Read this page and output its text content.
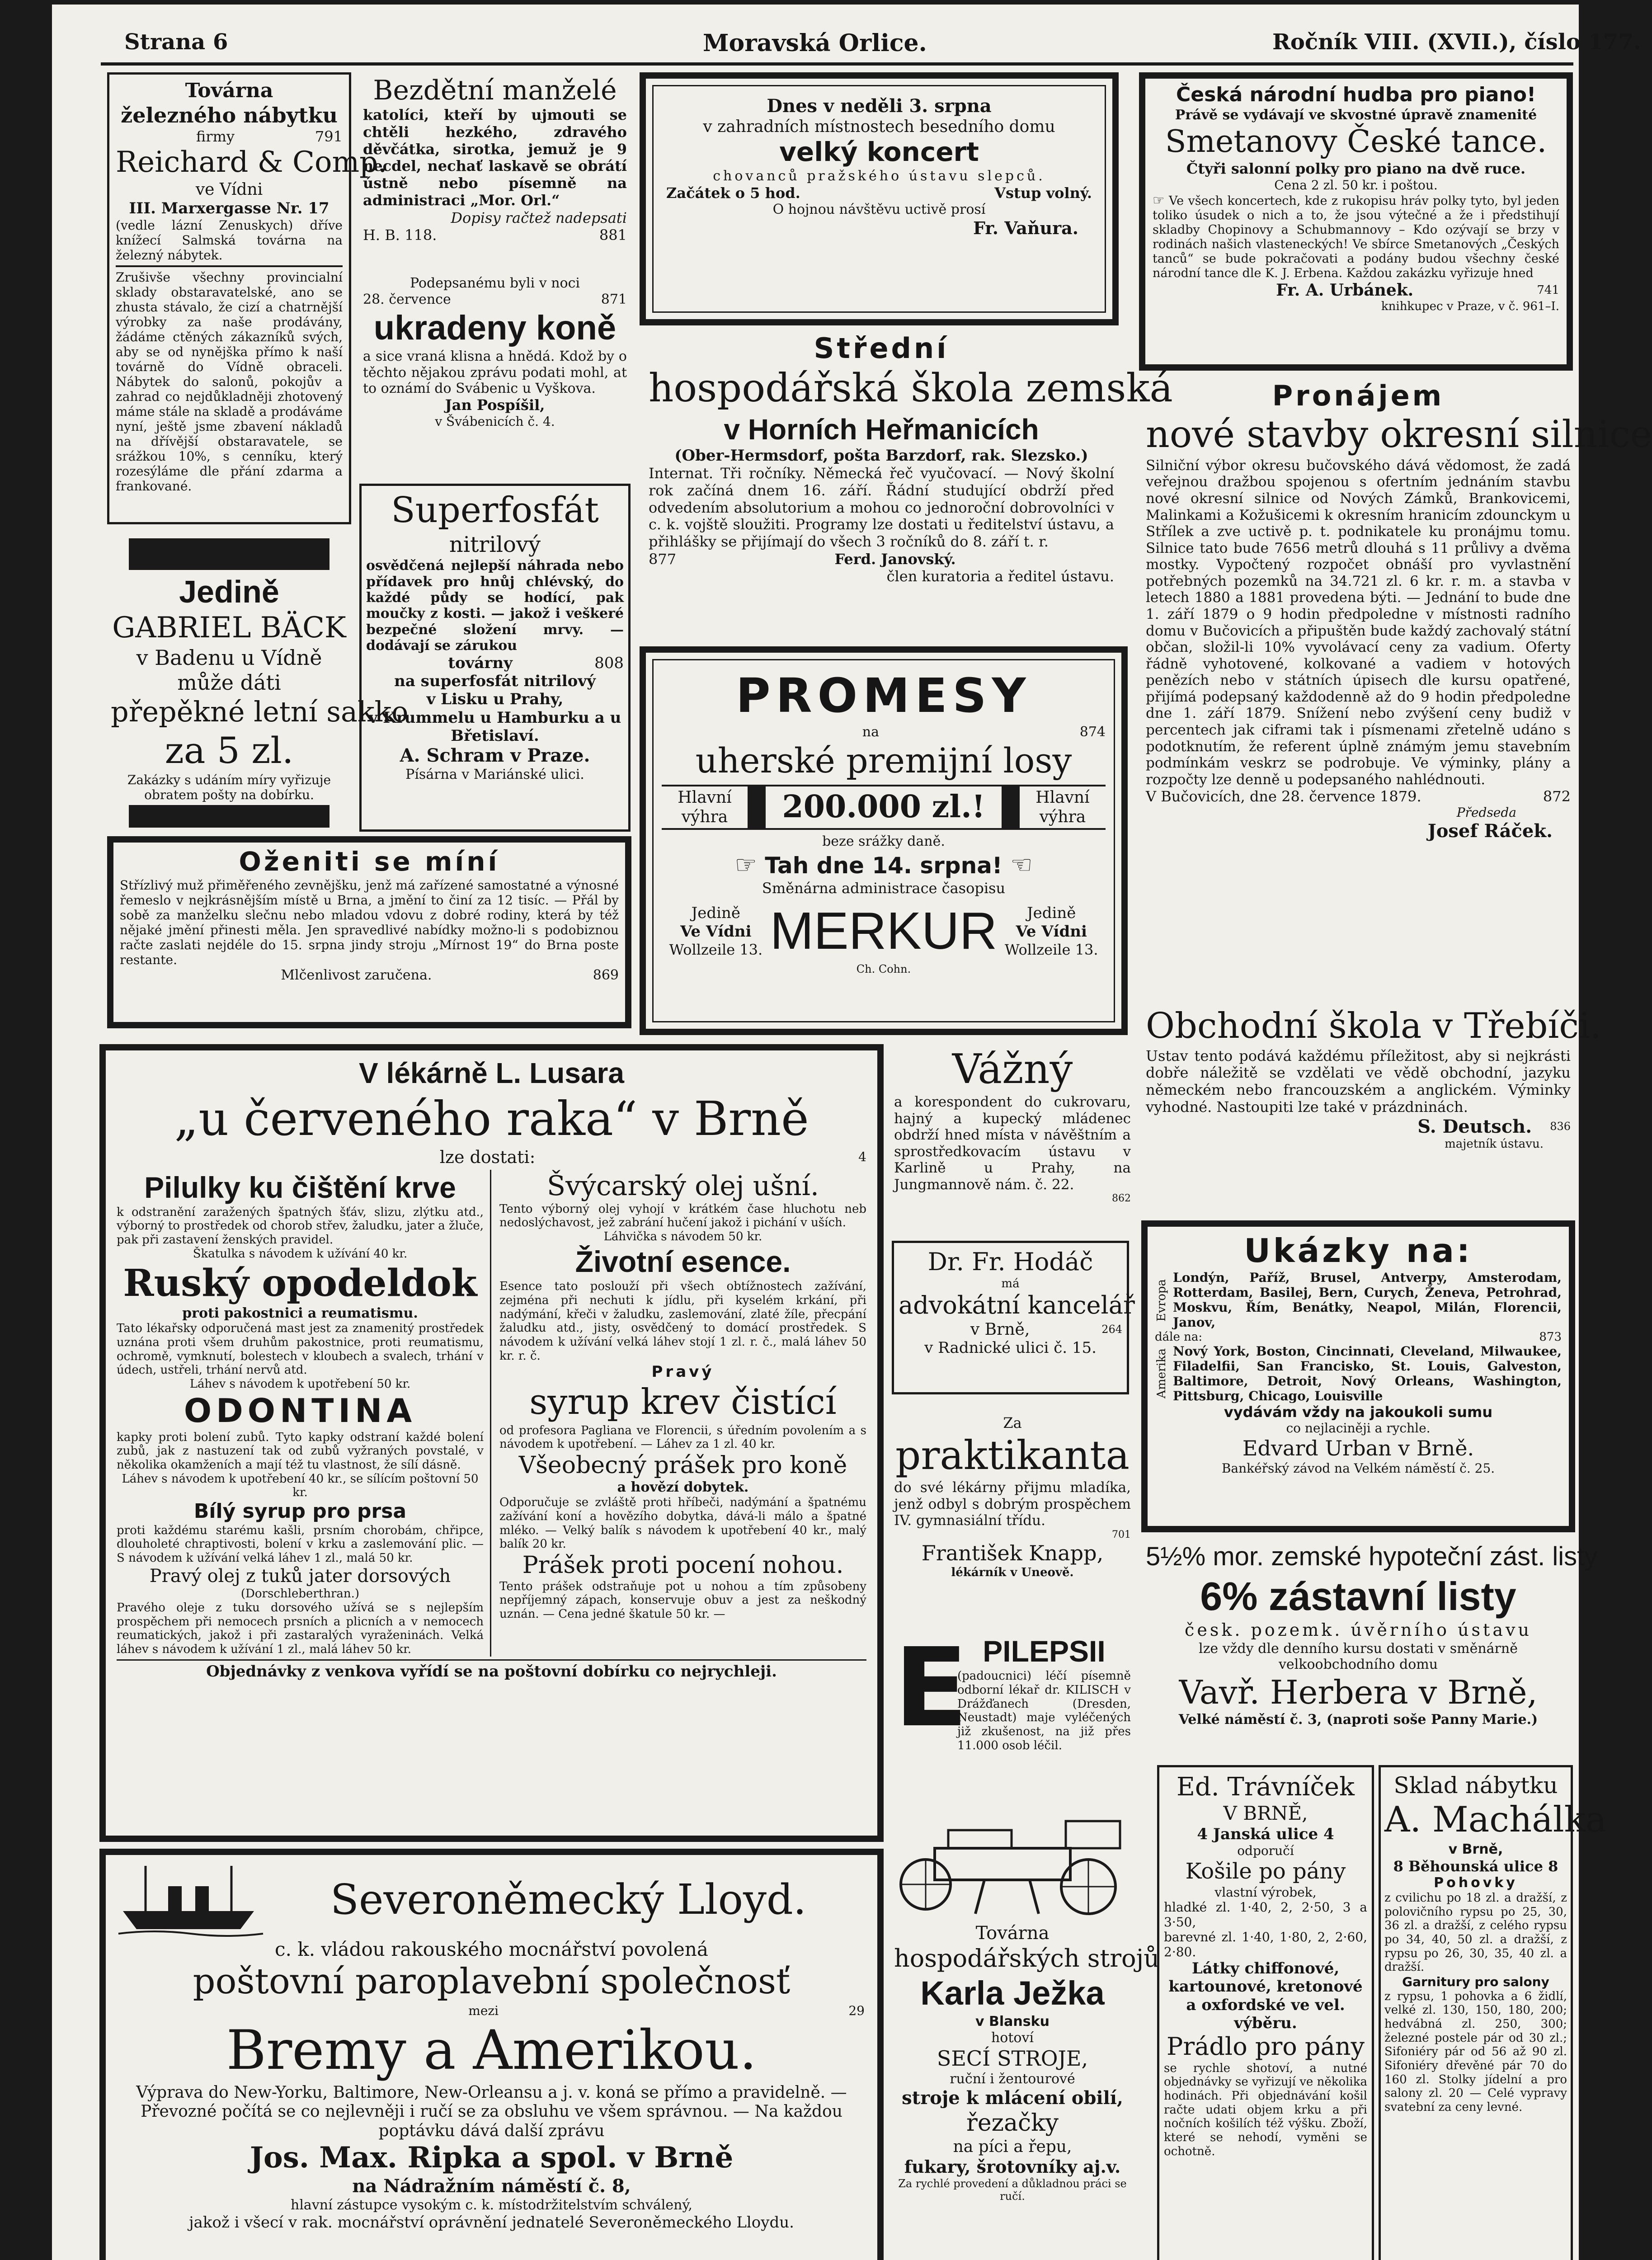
Strana 6	Moravská Orlice.	Ročník VIII. (XVII.), číslo 177.
Továrna
železného nábytku
firmy	791
Reichard & Comp.
ve Vídni
III. Marxergasse Nr. 17
(vedle lázní Zenuskych) dříve knížecí Salmská továrna na železný nábytek.
Zrušivše všechny provincialní sklady obstaravatelské, ano se zhusta stávalo, že cizí a chatrnější výrobky za naše prodávány, žádáme ctěných zákazníků svých, aby se od nynějška přímo k naší továrně do Vídně obraceli. Nábytek do salonů, pokojův a zahrad co nejdůkladněji zhotovený máme stále na skladě a prodáváme nyní, ještě jsme zbavení nákladů na dřívější obstaravatele, se srážkou 10%, s cenníku, který rozesýláme dle přání zdarma a frankované.
Bezdětní manželé
katolíci, kteří by ujmouti se chtěli hezkého, zdravého děvčátka, sirotka, jemuž je 9 necdel, nechať laskavě se obrátí ústně nebo písemně na administraci „Mor. Orl.“
Dopisy račtež nadepsati
H. B. 118.	881
Podepsanému byli v noci
28. července	871
ukradeny koně
a sice vraná klisna a hnědá. Kdož by o těchto nějakou zprávu podati mohl, at to oznámí do Svábenic u Vyškova.
Jan Pospíšil,
v Švábenicích č. 4.
Superfosfát
nitrilový
osvědčená nejlepší náhrada nebo přídavek pro hnůj chlévský, do každé půdy se hodící, pak moučky z kosti. — jakož i veškeré bezpečné složení mrvy. — dodávají se zárukou
továrny	808
na superfosfát nitrilový
v Lisku u Prahy,
v Krummelu u Hamburku a u Břetislaví.
A. Schram v Praze.
Písárna v Mariánské ulici.
Jedině
GABRIEL BÄCK
v Badenu u Vídně
může dáti
přepěkné letní sakko
za 5 zl.
Zakázky s udáním míry vyřizuje obratem pošty na dobírku.
Oženiti se míní
Střízlivý muž přiměřeného zevnějšku, jenž má zařízené samostatné a výnosné řemeslo v nejkrásnějším místě u Brna, a jmění to činí za 12 tisíc. — Přál by sobě za manželku slečnu nebo mladou vdovu z dobré rodiny, která by též nějaké jmění přinesti měla. Jen spravedlivé nabídky možno-li s podobiznou račte zaslati nejdéle do 15. srpna jindy stroju „Mírnost 19“ do Brna poste restante.
Mlčenlivost zaručena.	869
Dnes v neděli 3. srpna
v zahradních místnostech besedního domu
velký koncert
chovanců pražského ústavu slepců.
Začátek o 5 hod.	Vstup volný.
O hojnou návštěvu uctivě prosí
Fr. Vaňura.
Střední
hospodářská škola zemská
v Horních Heřmanicích
(Ober-Hermsdorf, pošta Barzdorf, rak. Slezsko.)
Internat. Tři ročníky. Německá řeč vyučovací. — Nový školní rok začíná dnem 16. září. Řádní studující obdrží před odvedením absolutorium a mohou co jednoroční dobrovolníci v c. k. vojště sloužiti. Programy lze dostati u ředitelství ústavu, a přihlášky se přijímají do všech 3 ročníků do 8. září t. r.
877	Ferd. Janovský.
člen kuratoria a ředitel ústavu.
PROMESY
na	874
uherské premijní losy
Hlavní výhra	200.000 zl.!	Hlavní výhra
beze srážky daně.
☞ Tah dne 14. srpna! ☜
Směnárna administrace časopisu
Jedině
Ve Vídni
Wollzeile 13. MERKUR	Jedině
Ve Vídni
Wollzeile 13.
Ch. Cohn.
Česká národní hudba pro piano!
Právě se vydávají ve skvostné úpravě znamenité
Smetanovy České tance.
Čtyři salonní polky pro piano na dvě ruce.
Cena 2 zl. 50 kr. i poštou.
☞ Ve všech koncertech, kde z rukopisu hráv polky tyto, byl jeden toliko úsudek o nich a to, že jsou výtečné a že i předstihují skladby Chopinovy a Schubmannovy – Kdo ozývají se brzy v rodinách našich vlasteneckých! Ve sbírce Smetanových „Českých tanců“ se bude pokračovati a podány budou všechny české národní tance dle K. J. Erbena. Každou zakázku vyřizuje hned
Fr. A. Urbánek.	741
knihkupec v Praze, v č. 961–I.
Pronájem
nové stavby okresní silnice
Silniční výbor okresu bučovského dává vědomost, že zadá veřejnou dražbou spojenou s ofertním jednáním stavbu nové okresní silnice od Nových Zámků, Brankovicemi, Malinkami a Kožušicemi k okresním hranicím zdounckym u Střílek a zve uctivě p. t. podnikatele ku pronájmu tomu. Silnice tato bude 7656 metrů dlouhá s 11 průlivy a dvěma mostky. Vypočtený rozpočet obnáší pro vyvlastnění potřebných pozemků na 34.721 zl. 6 kr. r. m. a stavba v letech 1880 a 1881 provedena býti. — Jednání to bude dne 1. září 1879 o 9 hodin předpoledne v místnosti radního domu v Bučovicích a připuštěn bude každý zachovalý státní občan, složil-li 10% vyvolávací ceny za vadium. Oferty řádně vyhotovené, kolkované a vadiem v hotových penězích nebo v státních úpisech dle kursu opatřené, přijímá podepsaný každodenně až do 9 hodin předpoledne dne 1. září 1879. Snížení nebo zvýšení ceny budiž v percentech jak ciframi tak i písmenami zřetelně udáno s podotknutím, že referent úplně známým jemu stavebním podmínkám veskrz se podrobuje. Ve výminky, plány a rozpočty lze denně u podepsaného nahlédnouti.
V Bučovicích, dne 28. července 1879.	872
Předseda
Josef Ráček.
Obchodní škola v Třebíči.
Ustav tento podává každému příležitost, aby si nejkrásti dobře náležitě se vzdělati ve vědě obchodní, jazyku německém nebo francouzském a anglickém. Výminky vyhodné. Nastoupiti lze také v prázdninách.
S. Deutsch.	836
majetník ústavu.
V lékárně L. Lusara
„u červeného raka“ v Brně
lze dostati:	4
Pilulky ku čištění krve
k odstranění zaražených špatných šťáv, slizu, zlýtku atd., výborný to prostředek od chorob střev, žaludku, jater a žluče, pak při zastavení ženských pravidel.
Škatulka s návodem k užívání 40 kr.
Ruský opodeldok
proti pakostnici a reumatismu.
Tato lékařsky odporučená mast jest za znamenitý prostředek uznána proti všem druhům pakostnice, proti reumatismu, ochromě, vymknutí, bolestech v kloubech a svalech, trhání v údech, ustřeli, trhání nervů atd.
Láhev s návodem k upotřebení 50 kr.
ODONTINA
kapky proti bolení zubů. Tyto kapky odstraní každé bolení zubů, jak z nastuzení tak od zubů vyžraných povstalé, v několika okamženích a mají též tu vlastnost, že sílí dásně.
Láhev s návodem k upotřebení 40 kr., se sílícím poštovní 50 kr.
Bílý syrup pro prsa
proti každému starému kašli, prsním chorobám, chřipce, dlouholeté chraptivosti, bolení v krku a zaslemování plic. — S návodem k užívání velká láhev 1 zl., malá 50 kr.
Pravý olej z tuků jater dorsových
(Dorschleberthran.)
Pravého oleje z tuku dorsového užívá se s nejlepším prospěchem při nemocech prsních a plicních a v nemocech reumatických, jakož i při zastaralých vyraženinách. Velká láhev s návodem k užívání 1 zl., malá láhev 50 kr.
Švýcarský olej ušní.
Tento výborný olej vyhojí v krátkém čase hluchotu neb nedoslýchavost, jež zabrání hučení jakož i pichání v uších.
Láhvička s návodem 50 kr.
Životní esence.
Esence tato poslouží při všech obtížnostech zažívání, zejména při nechuti k jídlu, při kyselém krkání, při nadýmání, křeči v žaludku, zaslemování, zlaté žíle, přecpání žaludku atd., jisty, osvědčený to domácí prostředek. S návodem k užívání velká láhev stojí 1 zl. r. č., malá láhev 50 kr. r. č.
Pravý
syrup krev čistící
od profesora Pagliana ve Florencii, s úředním povolením a s návodem k upotřebení. — Láhev za 1 zl. 40 kr.
Všeobecný prášek pro koně
a hovězí dobytek.
Odporučuje se zvláště proti hříbeči, nadýmání a špatnému zažívání koní a hovězího dobytka, dává-li málo a špatné mléko. — Velký balík s návodem k upotřebení 40 kr., malý balík 20 kr.
Prášek proti pocení nohou.
Tento prášek odstraňuje pot u nohou a tím způsobeny nepříjemný zápach, konservuje obuv a jest za neškodný uznán. — Cena jedné škatule 50 kr. —
Objednávky z venkova vyřídí se na poštovní dobírku co nejrychleji.
Vážný
a korespondent do cukrovaru, hajný a kupecký mládenec obdrží hned místa v návěštním a sprostředkovacím ústavu v Karlině u Prahy, na Jungmannově nám. č. 22.
862
Dr. Fr. Hodáč
má
advokátní kancelář
v Brně,	264
v Radnické ulici č. 15.
Za
praktikanta
do své lékárny přijmu mladíka, jenž odbyl s dobrým prospěchem IV. gymnasiální třídu.
701
František Knapp,
lékárník v Uneově.
E PILEPSII
(padoucnici) léčí písemně odborní lékař dr. KILISCH v Drážďanech (Dresden, Neustadt) maje vyléčených již zkušenost, na již přes 11.000 osob léčil.
Továrna
hospodářských strojů
Karla Ježka
v Blansku
hotoví
SECÍ STROJE,
ruční i žentourové
stroje k mlácení obilí,
řezačky
na píci a řepu,
fukary, šrotovníky aj.v.
Za rychlé provedení a důkladnou práci se ručí.
Ukázky na:
Evropa
Londýn, Paříž, Brusel, Antverpy, Amsterodam, Rotterdam, Basilej, Bern, Curych, Ženeva, Petrohrad, Moskvu, Řím, Benátky, Neapol, Milán, Florencii, Janov,
dále na:	873
Amerika Nový York, Boston, Cincinnati, Cleveland, Milwaukee, Filadelfii, San Francisko, St. Louis, Galveston, Baltimore, Detroit, Nový Orleans, Washington, Pittsburg, Chicago, Louisville
vydávám vždy na jakoukoli sumu
co nejlaciněji a rychle.
Edvard Urban v Brně.
Bankéřský závod na Velkém náměstí č. 25.
5½% mor. zemské hypoteční zást. listy
6% zástavní listy
česk. pozemk. úvěrního ústavu
lze vždy dle denního kursu dostati v směnárně velkoobchodního domu
Vavř. Herbera v Brně,
Velké náměstí č. 3, (naproti soše Panny Marie.)
Severoněmecký Lloyd.
c. k. vládou rakouského mocnářství povolená
poštovní paroplavební společnosť
mezi	29
Bremy a Amerikou.
Výprava do New-Yorku, Baltimore, New-Orleansu a j. v. koná se přímo a pravidelně. — Převozné počítá se co nejlevněji i ručí se za obsluhu ve všem správnou. — Na každou poptávku dává další zprávu
Jos. Max. Ripka a spol. v Brně
na Nádražním náměstí č. 8,
hlavní zástupce vysokým c. k. místodržitelstvím schválený,
jakož i všecí v rak. mocnářství oprávnění jednatelé Severoněmeckého Lloydu.
Ed. Trávníček
V BRNĚ,
4 Janská ulice 4
odporučí
Košile po pány
vlastní výrobek,
hladké zl. 1·40, 2, 2·50, 3 a 3·50,
barevné zl. 1·40, 1·80, 2, 2·60, 2·80.
Látky chiffonové, kartounové, kretonové a oxfordské ve vel. výběru.
Prádlo pro pány
se rychle shotoví, a nutné objednávky se vyřizují ve několika hodinách. Při objednávání košil račte udati objem krku a při nočních košilích též výšku. Zboží, které se nehodí, vyměni se ochotně.
Sklad nábytku
A. Machálka
v Brně,
8 Běhounská ulice 8
Pohovky
z cvilichu po 18 zl. a dražší, z polovičního rypsu po 25, 30, 36 zl. a dražší, z celého rypsu po 34, 40, 50 zl. a dražší, z rypsu po 26, 30, 35, 40 zl. a dražší.
Garnitury pro salony
z rypsu, 1 pohovka a 6 židlí, velké zl. 130, 150, 180, 200; hedvábná zl. 250, 300; železné postele pár od 30 zl.; Sifoniéry pár od 56 až 90 zl. Sifoniéry dřevěné pár 70 do 160 zl. Stolky jídelní a pro salony zl. 20 — Celé vypravy svatební za ceny levné.
